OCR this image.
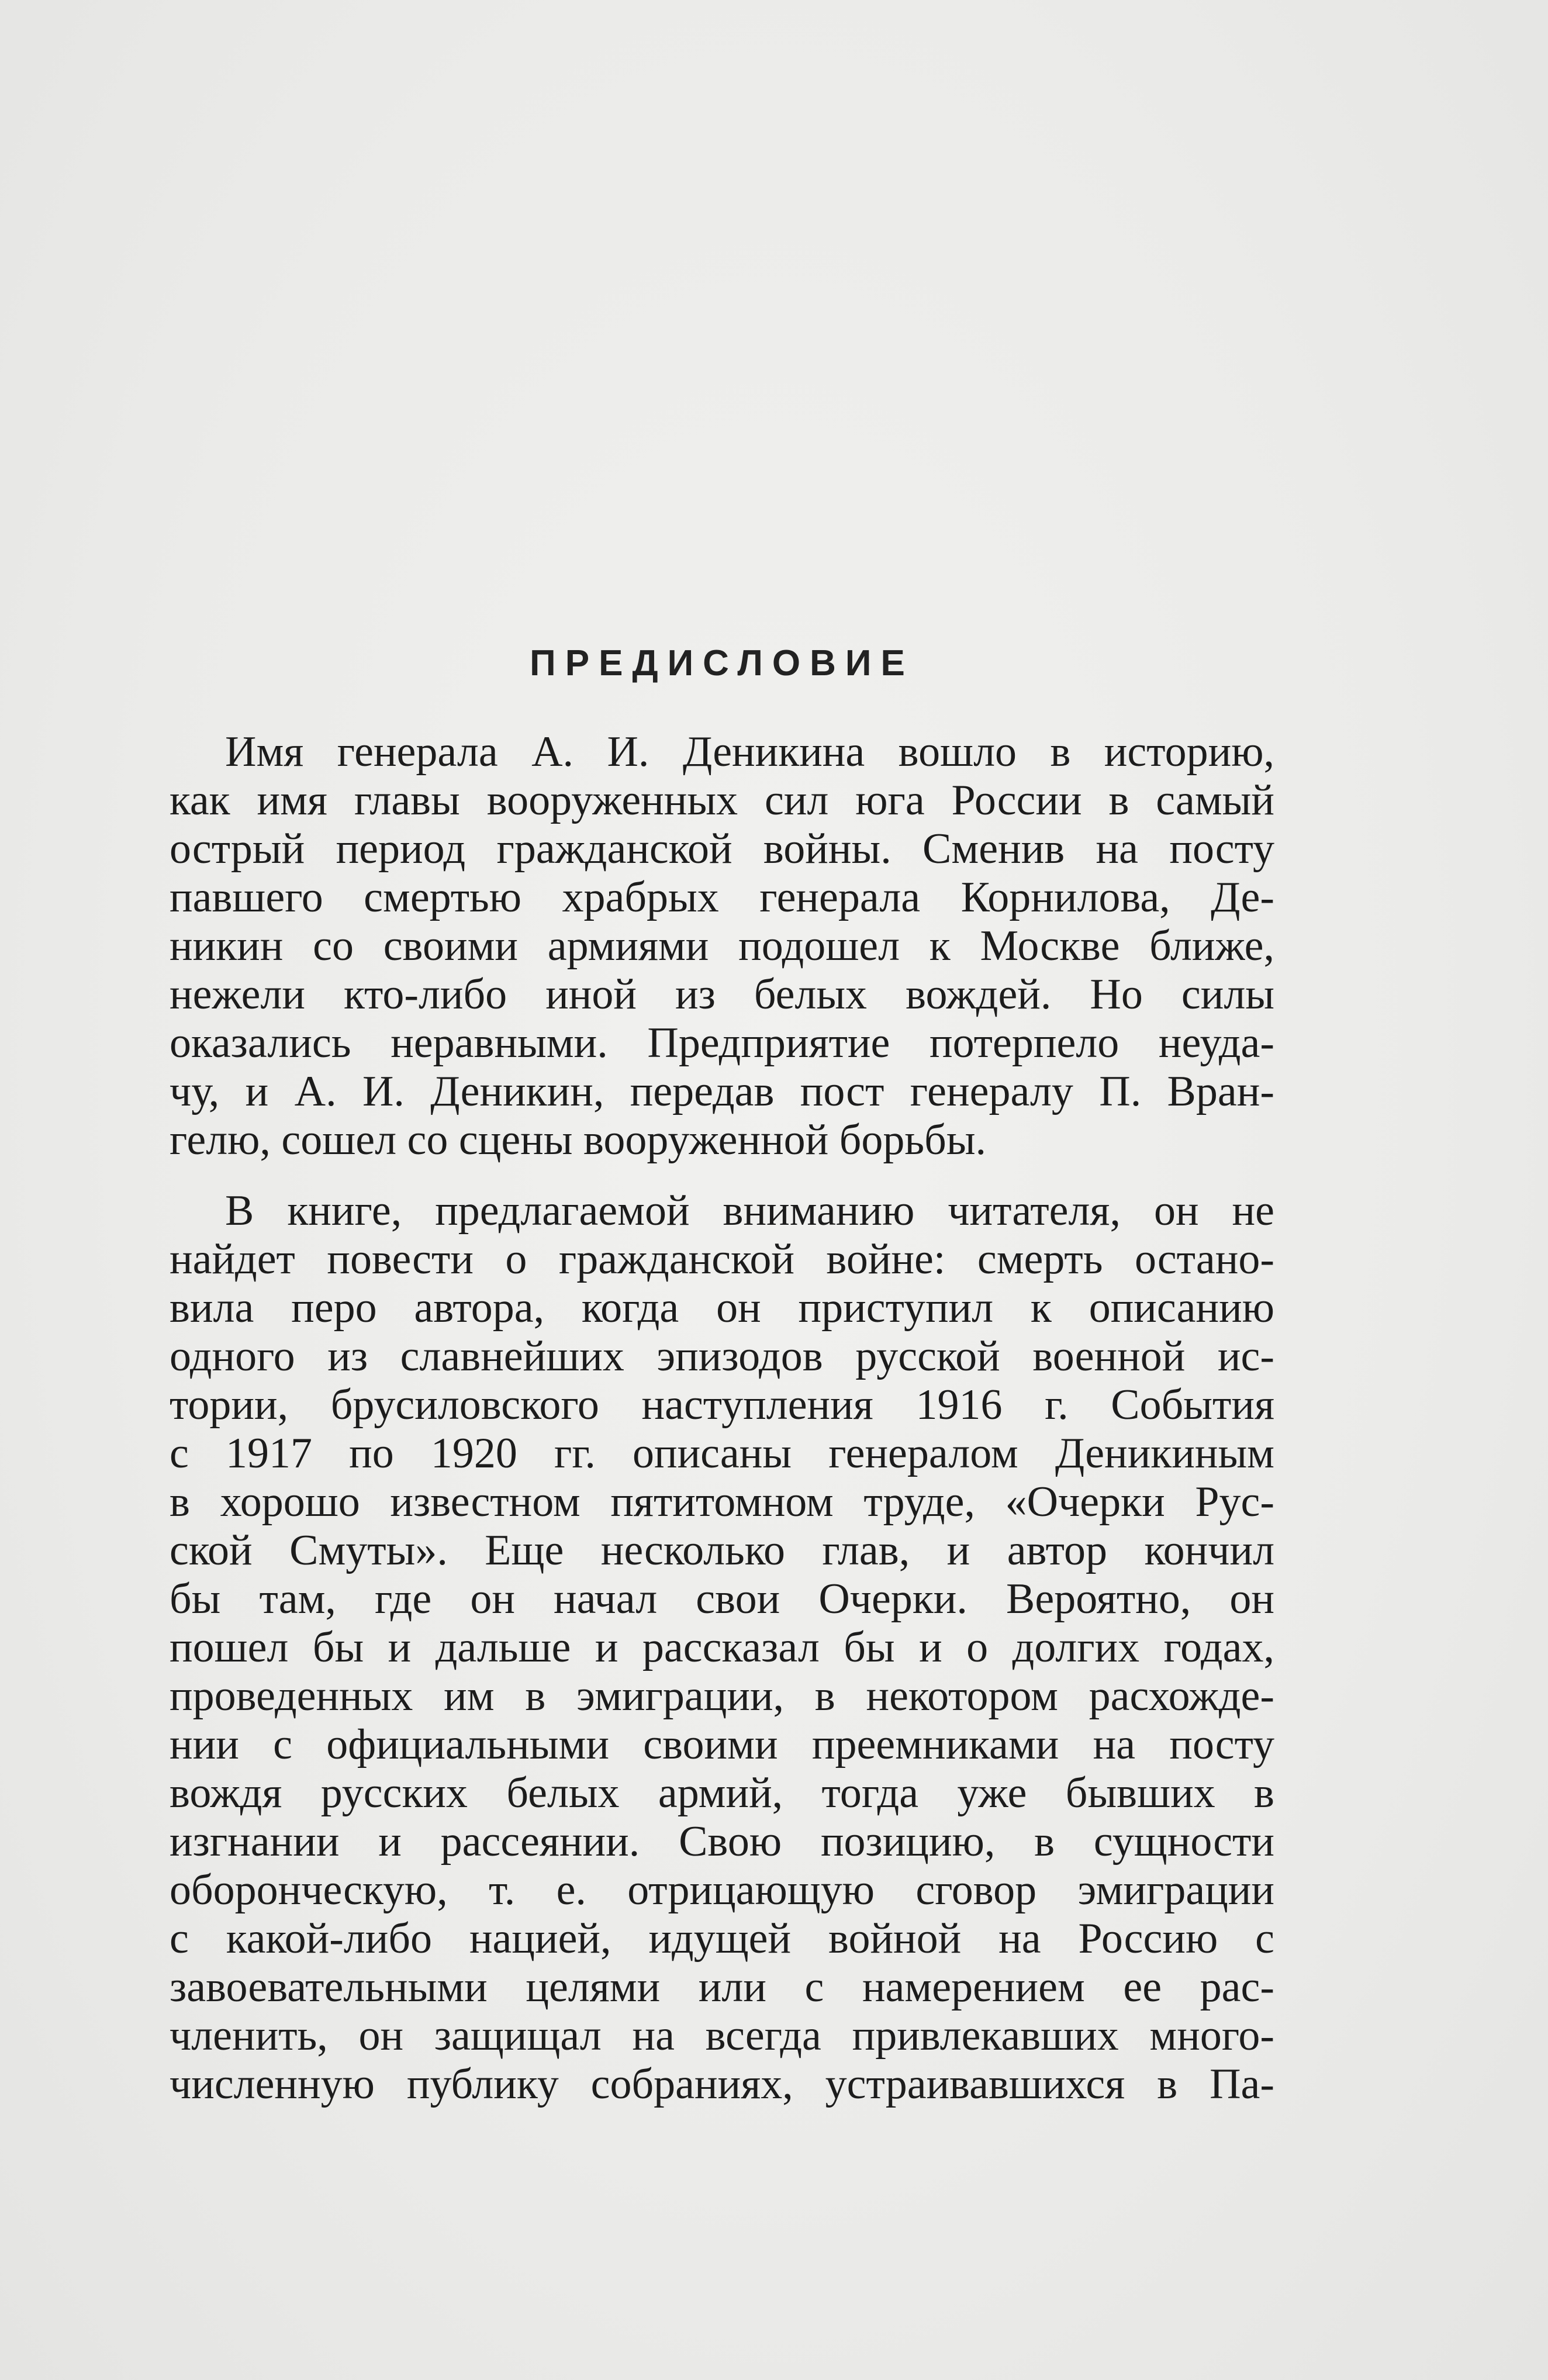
ПРЕДИСЛОВИЕ
Имя генерала А. И. Деникина вошло в историю,
как имя главы вооруженных сил юга России в самый
острый период гражданской войны. Сменив на посту
павшего смертью храбрых генерала Корнилова, Де-
никин со своими армиями подошел к Москве ближе,
нежели кто-либо иной из белых вождей. Но силы
оказались неравными. Предприятие потерпело неуда-
чу, и А. И. Деникин, передав пост генералу П. Вран-
гелю, сошел со сцены вооруженной борьбы.
В книге, предлагаемой вниманию читателя, он не
найдет повести о гражданской войне: смерть остано-
вила перо автора, когда он приступил к описанию
одного из славнейших эпизодов русской военной ис-
тории, брусиловского наступления 1916 г. События
с 1917 по 1920 гг. описаны генералом Деникиным
в хорошо известном пятитомном труде, «Очерки Рус-
ской Смуты». Еще несколько глав, и автор кончил
бы там, где он начал свои Очерки. Вероятно, он
пошел бы и дальше и рассказал бы и о долгих годах,
проведенных им в эмиграции, в некотором расхожде-
нии с официальными своими преемниками на посту
вождя русских белых армий, тогда уже бывших в
изгнании и рассеянии. Свою позицию, в сущности
оборонческую, т. е. отрицающую сговор эмиграции
с какой-либо нацией, идущей войной на Россию с
завоевательными целями или с намерением ее рас-
членить, он защищал на всегда привлекавших много-
численную публику собраниях, устраивавшихся в Па-
